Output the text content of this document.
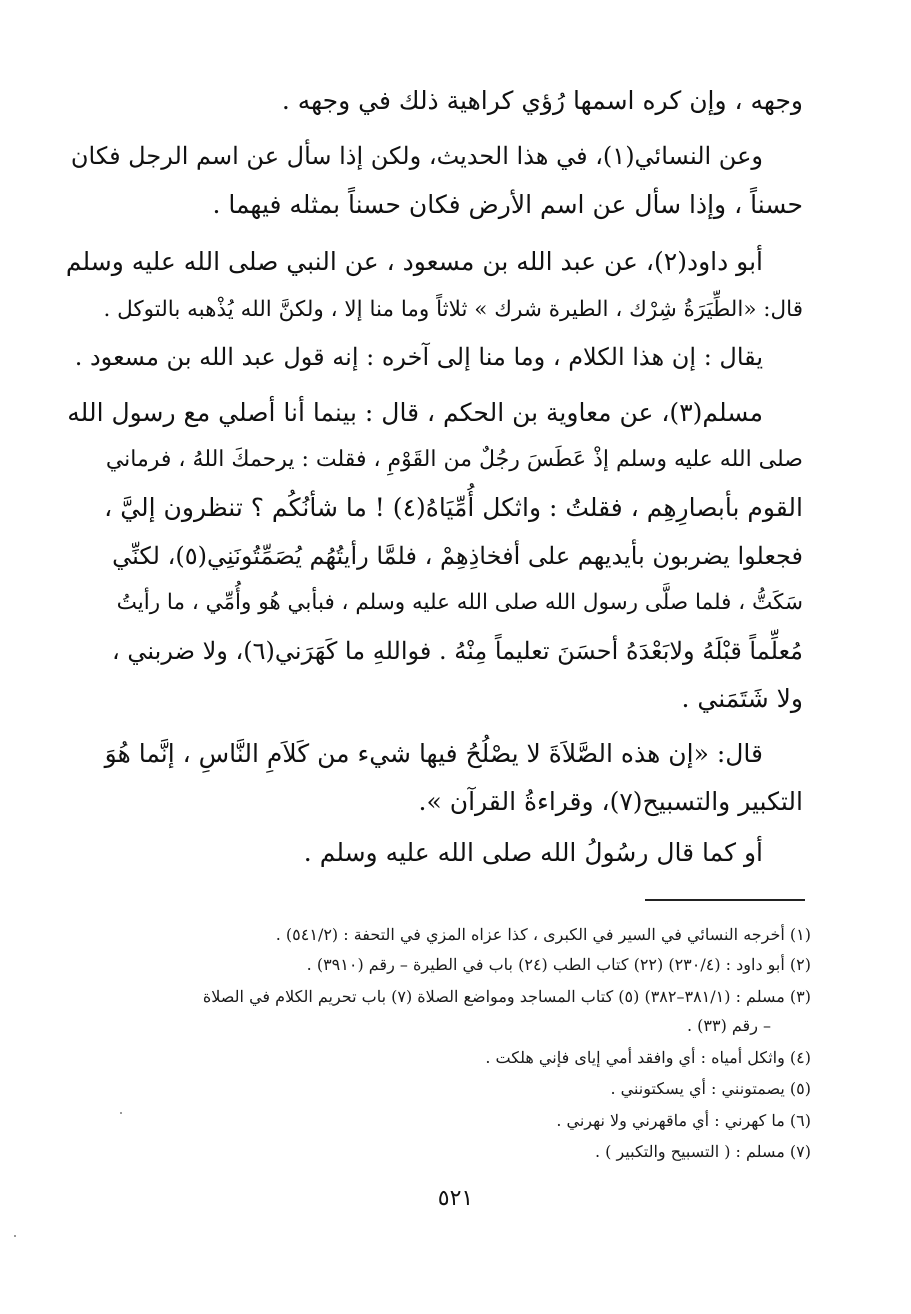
وجهه ، وإن كره اسمها رُؤي كراهية ذلك في وجهه .
وعن النسائي(١)، في هذا الحديث، ولكن إذا سأل عن اسم الرجل فكان
حسناً ، وإذا سأل عن اسم الأرض فكان حسناً بمثله فيهما .
أبو داود(٢)، عن عبد الله بن مسعود ، عن النبي صلى الله عليه وسلم
قال: «الطِّيَرَةُ شِرْك ، الطيرة شرك » ثلاثاً وما منا إلا ، ولكنَّ الله يُذْهبه بالتوكل .
يقال : إن هذا الكلام ، وما منا إلى آخره : إنه قول عبد الله بن مسعود .
مسلم(٣)، عن معاوية بن الحكم ، قال : بينما أنا أصلي مع رسول الله
صلى الله عليه وسلم إذْ عَطَسَ رجُلٌ من القَوْمِ ، فقلت : يرحمكَ اللهُ ، فرماني
القوم بأبصارِهِم ، فقلتُ : واثكل أُمِّيَاهُ(٤) ! ما شأنُكُم ؟ تنظرون إليَّ ،
فجعلوا يضربون بأيديهم على أفخاذِهِمْ ، فلمَّا رأيتُهُم يُصَمِّتُونَنِي(٥)، لكنِّي
سَكَتُّ ، فلما صلَّى رسول الله صلى الله عليه وسلم ، فبأبي هُو وأُمِّي ، ما رأيتُ
مُعلِّماً قبْلَهُ ولابَعْدَهُ أحسَنَ تعليماً مِنْهُ . فواللهِ ما كَهَرَني(٦)، ولا ضربني ،
ولا شَتَمَني .
قال: «إن هذه الصَّلاَةَ لا يصْلُحُ فيها شيء من كَلاَمِ النَّاسِ ، إنَّما هُوَ
التكبير والتسبيح(٧)، وقراءةُ القرآن ».
أو كما قال رسُولُ الله صلى الله عليه وسلم .
(١) أخرجه النسائي في السير في الكبرى ، كذا عزاه المزي في التحفة : (٥٤١/٢) .
(٢) أبو داود : (٢٣٠/٤) (٢٢) كتاب الطب (٢٤) باب في الطيرة – رقم (٣٩١٠) .
(٣) مسلم : (٣٨١/١–٣٨٢) (٥) كتاب المساجد ومواضع الصلاة (٧) باب تحريم الكلام في الصلاة
– رقم (٣٣) .
(٤) واثكل أمياه : أي وافقد أمي إياى فإني هلكت .
(٥) يصمتونني : أي يسكتونني .
(٦) ما كهرني : أي ماقهرني ولا نهرني .
(٧) مسلم : ( التسبيح والتكبير ) .
٥٢١
